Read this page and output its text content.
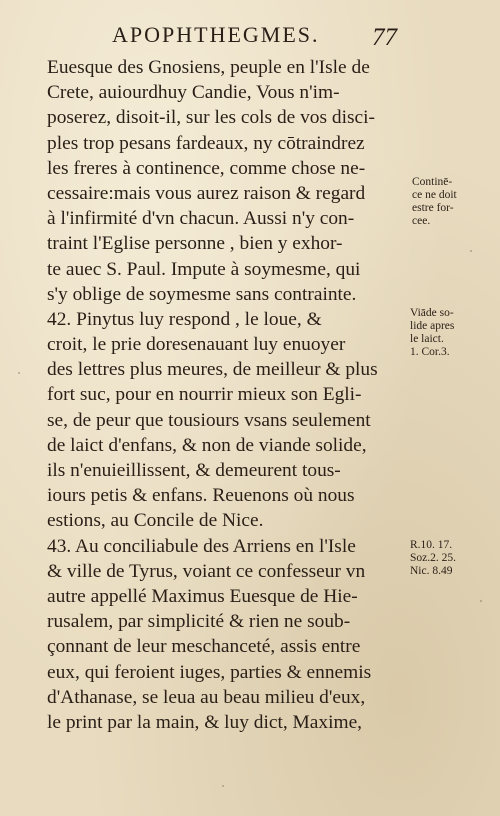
APOPHTHEGMES. 77
Euesque des Gnosiens, peuple en l'Isle de
Crete, auiourdhuy Candie, Vous n'im-
poserez, disoit-il, sur les cols de vos disci-
ples trop pesans fardeaux, ny cōtraindrez
les freres à continence, comme chose ne-
cessaire:mais vous aurez raison & regard
à l'infirmité d'vn chacun. Aussi n'y con-
traint l'Eglise personne , bien y exhor-
te auec S. Paul. Impute à soymesme, qui
s'y oblige de soymesme sans contrainte.
42. Pinytus luy respond , le loue, &
croit, le prie doresenauant luy enuoyer
des lettres plus meures, de meilleur & plus
fort suc, pour en nourrir mieux son Egli-
se, de peur que tousiours vsans seulement
de laict d'enfans, & non de viande solide,
ils n'enuieillissent, & demeurent tous-
iours petis & enfans. Reuenons où nous
estions, au Concile de Nice.
43. Au conciliabule des Arriens en l'Isle
& ville de Tyrus, voiant ce confesseur vn
autre appellé Maximus Euesque de Hie-
rusalem, par simplicité & rien ne soub-
çonnant de leur meschanceté, assis entre
eux, qui feroient iuges, parties & ennemis
d'Athanase, se leua au beau milieu d'eux,
le print par la main, & luy dict, Maxime,
Continē-
ce ne doit
estre for-
cee.
Viāde so-
lide apres
le laict.
1. Cor.3.
R.10. 17.
Soz.2. 25.
Nic. 8.49
